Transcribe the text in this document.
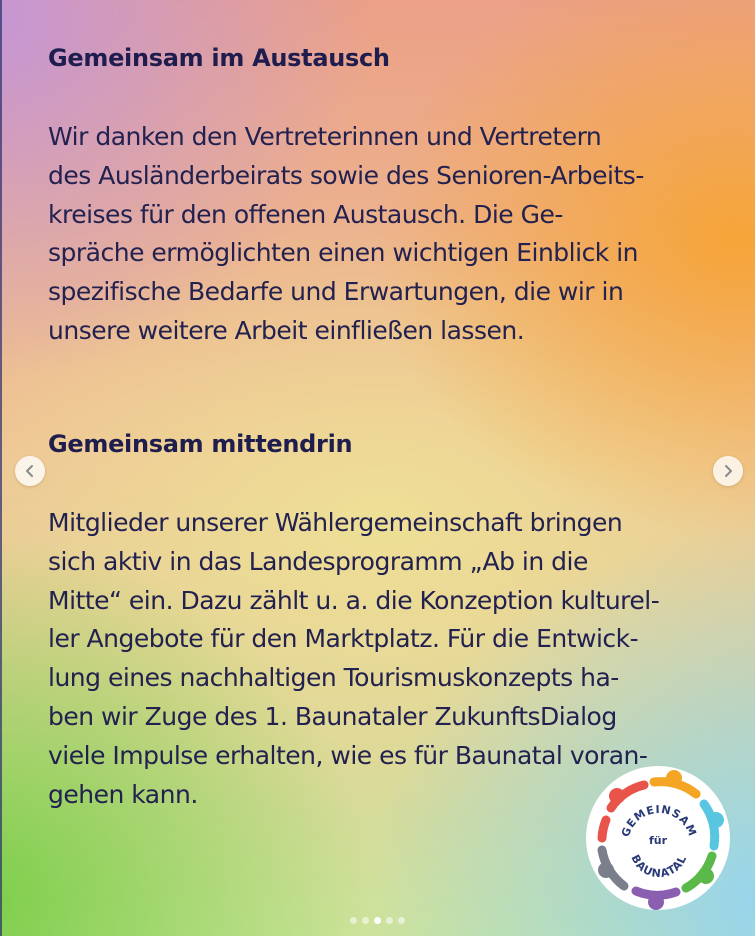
Gemeinsam im Austausch

Wir danken den Vertreterinnen und Vertretern
des Ausländerbeirats sowie des Senioren-Arbeits-
kreises für den offenen Austausch. Die Ge-
spräche ermöglichten einen wichtigen Einblick in
spezifische Bedarfe und Erwartungen, die wir in
unsere weitere Arbeit einfließen lassen.

Gemeinsam mittendrin

Mitglieder unserer Wählergemeinschaft bringen
sich aktiv in das Landesprogramm „Ab in die
Mitte“ ein. Dazu zählt u. a. die Konzeption kulturel-
ler Angebote für den Marktplatz. Für die Entwick-
lung eines nachhaltigen Tourismuskonzepts ha-
ben wir Zuge des 1. Baunataler ZukunftsDialog
viele Impulse erhalten, wie es für Baunatal voran-
gehen kann.

GEMEINSAM
für
BAUNATAL
